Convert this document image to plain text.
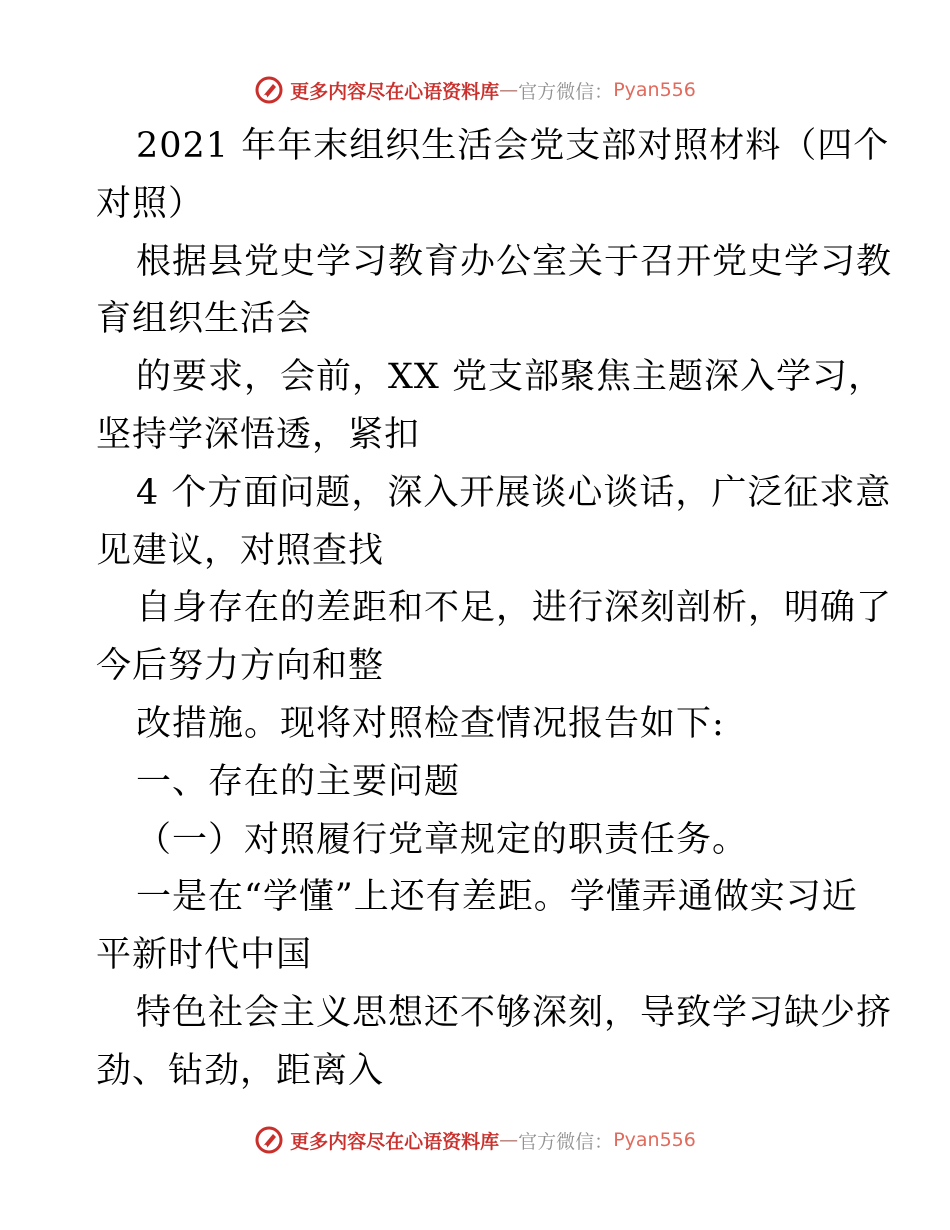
更多内容尽在心语资料库 — 官方微信： Pyan556
2021 年年末组织生活会党支部对照材料（四个
对照）
根据县党史学习教育办公室关于召开党史学习教
育组织生活会
的要求，会前，XX 党支部聚焦主题深入学习，
坚持学深悟透，紧扣
4 个方面问题，深入开展谈心谈话，广泛征求意
见建议，对照查找
自身存在的差距和不足，进行深刻剖析，明确了
今后努力方向和整
改措施。现将对照检查情况报告如下:
一、存在的主要问题
（一）对照履行党章规定的职责任务。
一是在“学懂”上还有差距。学懂弄通做实习近
平新时代中国
特色社会主义思想还不够深刻，导致学习缺少挤
劲、钻劲，距离入
更多内容尽在心语资料库 — 官方微信： Pyan556
